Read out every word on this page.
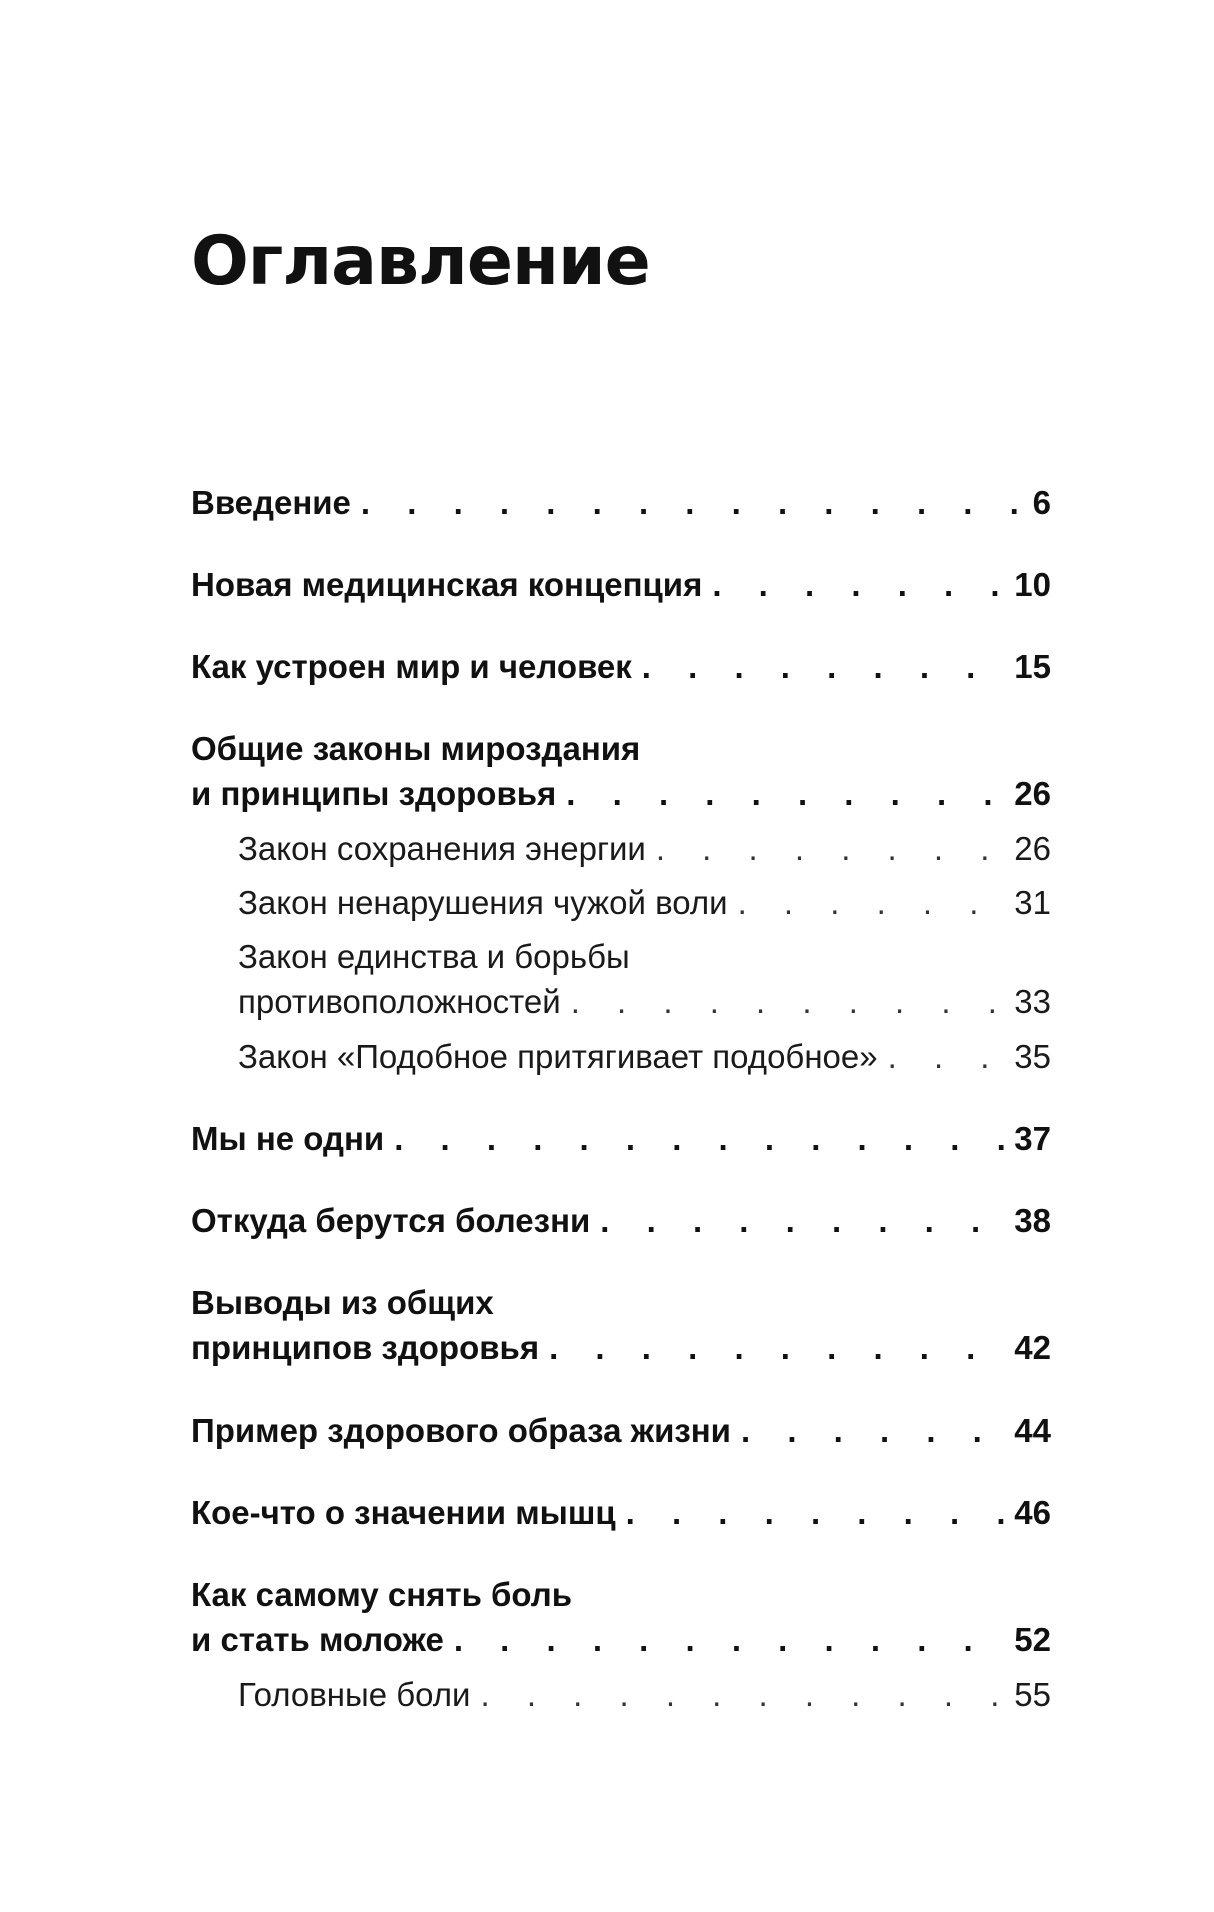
Оглавление
Введение . . .	6
Новая медицинская концепция . . .	10
Как устроен мир и человек . . .	15
Общие законы мироздания
и принципы здоровья . . .	26
Закон сохранения энергии . . .	26
Закон ненарушения чужой воли . . .	31
Закон единства и борьбы
противоположностей . . .	33
Закон «Подобное притягивает подобное» . . .	35
Мы не одни . . .	37
Откуда берутся болезни . . .	38
Выводы из общих
принципов здоровья . . .	42
Пример здорового образа жизни . . .	44
Кое-что о значении мышц . . .	46
Как самому снять боль
и стать моложе . . .	52
Головные боли . . .	55
